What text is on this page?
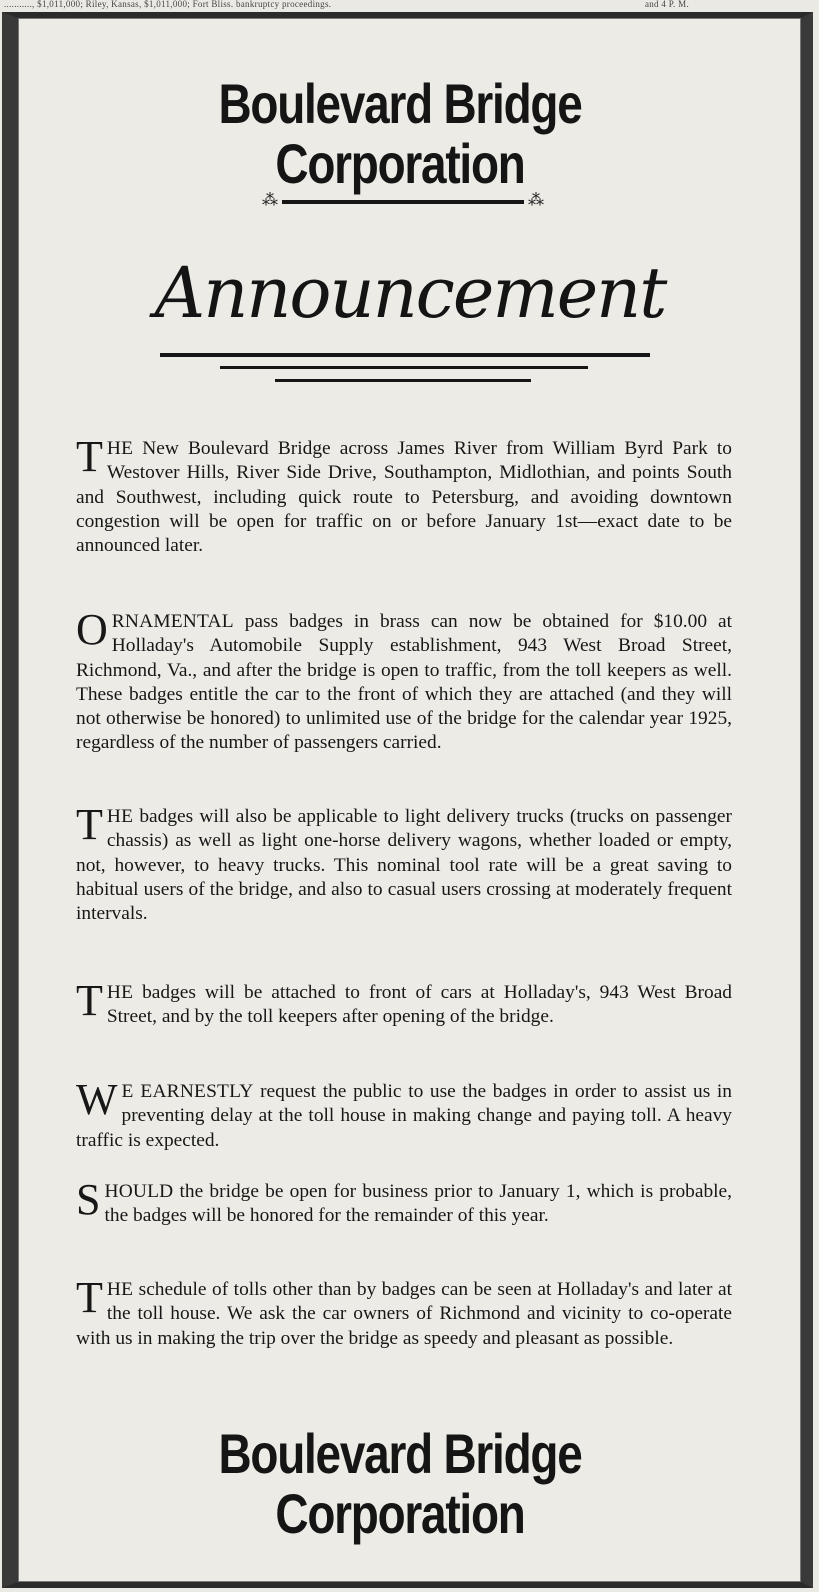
..........., $1,011,000; Riley, Kansas, $1,011,000; Fort Bliss. bankruptcy proceedings.	and 4 P. M.
Boulevard Bridge Corporation
⁂	⁂
Announcement
THE New Boulevard Bridge across James River from William Byrd Park to Westover Hills, River Side Drive, Southampton, Midlothian, and points South and Southwest, including quick route to Petersburg, and avoiding downtown congestion will be open for traffic on or before January 1st—exact date to be announced later.
ORNAMENTAL pass badges in brass can now be obtained for $10.00 at Holladay's Automobile Supply establishment, 943 West Broad Street, Richmond, Va., and after the bridge is open to traffic, from the toll keepers as well. These badges entitle the car to the front of which they are attached (and they will not otherwise be honored) to unlimited use of the bridge for the calendar year 1925, regardless of the number of passengers carried.
THE badges will also be applicable to light delivery trucks (trucks on passenger chassis) as well as light one-horse delivery wagons, whether loaded or empty, not, however, to heavy trucks. This nominal tool rate will be a great saving to habitual users of the bridge, and also to casual users crossing at moderately frequent intervals.
THE badges will be attached to front of cars at Holladay's, 943 West Broad Street, and by the toll keepers after opening of the bridge.
W E EARNESTLY request the public to use the badges in order to assist us in preventing delay at the toll house in making change and paying toll. A heavy traffic is expected.
SHOULD the bridge be open for business prior to January 1, which is probable, the badges will be honored for the remainder of this year.
THE schedule of tolls other than by badges can be seen at Holladay's and later at the toll house. We ask the car owners of Richmond and vicinity to co-operate with us in making the trip over the bridge as speedy and pleasant as possible.
Boulevard Bridge Corporation
